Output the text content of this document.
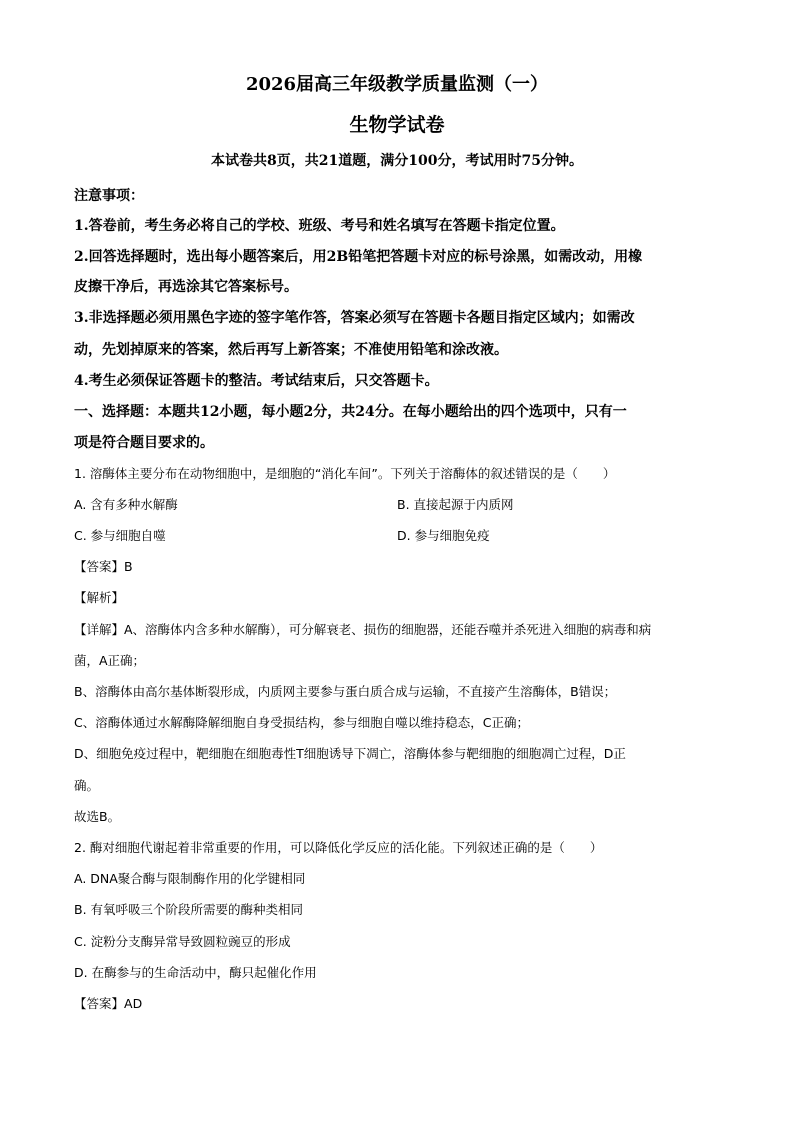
2026届高三年级教学质量监测（一）
生物学试卷
本试卷共8页，共21道题，满分100分，考试用时75分钟。
注意事项：
1.答卷前，考生务必将自己的学校、班级、考号和姓名填写在答题卡指定位置。
2.回答选择题时，选出每小题答案后，用2B铅笔把答题卡对应的标号涂黑，如需改动，用橡
皮擦干净后，再选涂其它答案标号。
3.非选择题必须用黑色字迹的签字笔作答，答案必须写在答题卡各题目指定区域内；如需改
动，先划掉原来的答案，然后再写上新答案；不准使用铅笔和涂改液。
4.考生必须保证答题卡的整洁。考试结束后，只交答题卡。
一、选择题：本题共12小题，每小题2分，共24分。在每小题给出的四个选项中，只有一
项是符合题目要求的。
1. 溶酶体主要分布在动物细胞中，是细胞的“消化车间”。下列关于溶酶体的叙述错误的是（　　）
A. 含有多种水解酶	B. 直接起源于内质网
C. 参与细胞自噬	D. 参与细胞免疫
【答案】B
【解析】
【详解】A、溶酶体内含多种水解酶），可分解衰老、损伤的细胞器，还能吞噬并杀死进入细胞的病毒和病
菌，A正确；
B、溶酶体由高尔基体断裂形成，内质网主要参与蛋白质合成与运输，不直接产生溶酶体，B错误；
C、溶酶体通过水解酶降解细胞自身受损结构，参与细胞自噬以维持稳态，C正确；
D、细胞免疫过程中，靶细胞在细胞毒性T细胞诱导下凋亡，溶酶体参与靶细胞的细胞凋亡过程，D正
确。
故选B。
2. 酶对细胞代谢起着非常重要的作用，可以降低化学反应的活化能。下列叙述正确的是（　　）
A. DNA聚合酶与限制酶作用的化学键相同
B. 有氧呼吸三个阶段所需要的酶种类相同
C. 淀粉分支酶异常导致圆粒豌豆的形成
D. 在酶参与的生命活动中，酶只起催化作用
【答案】AD
